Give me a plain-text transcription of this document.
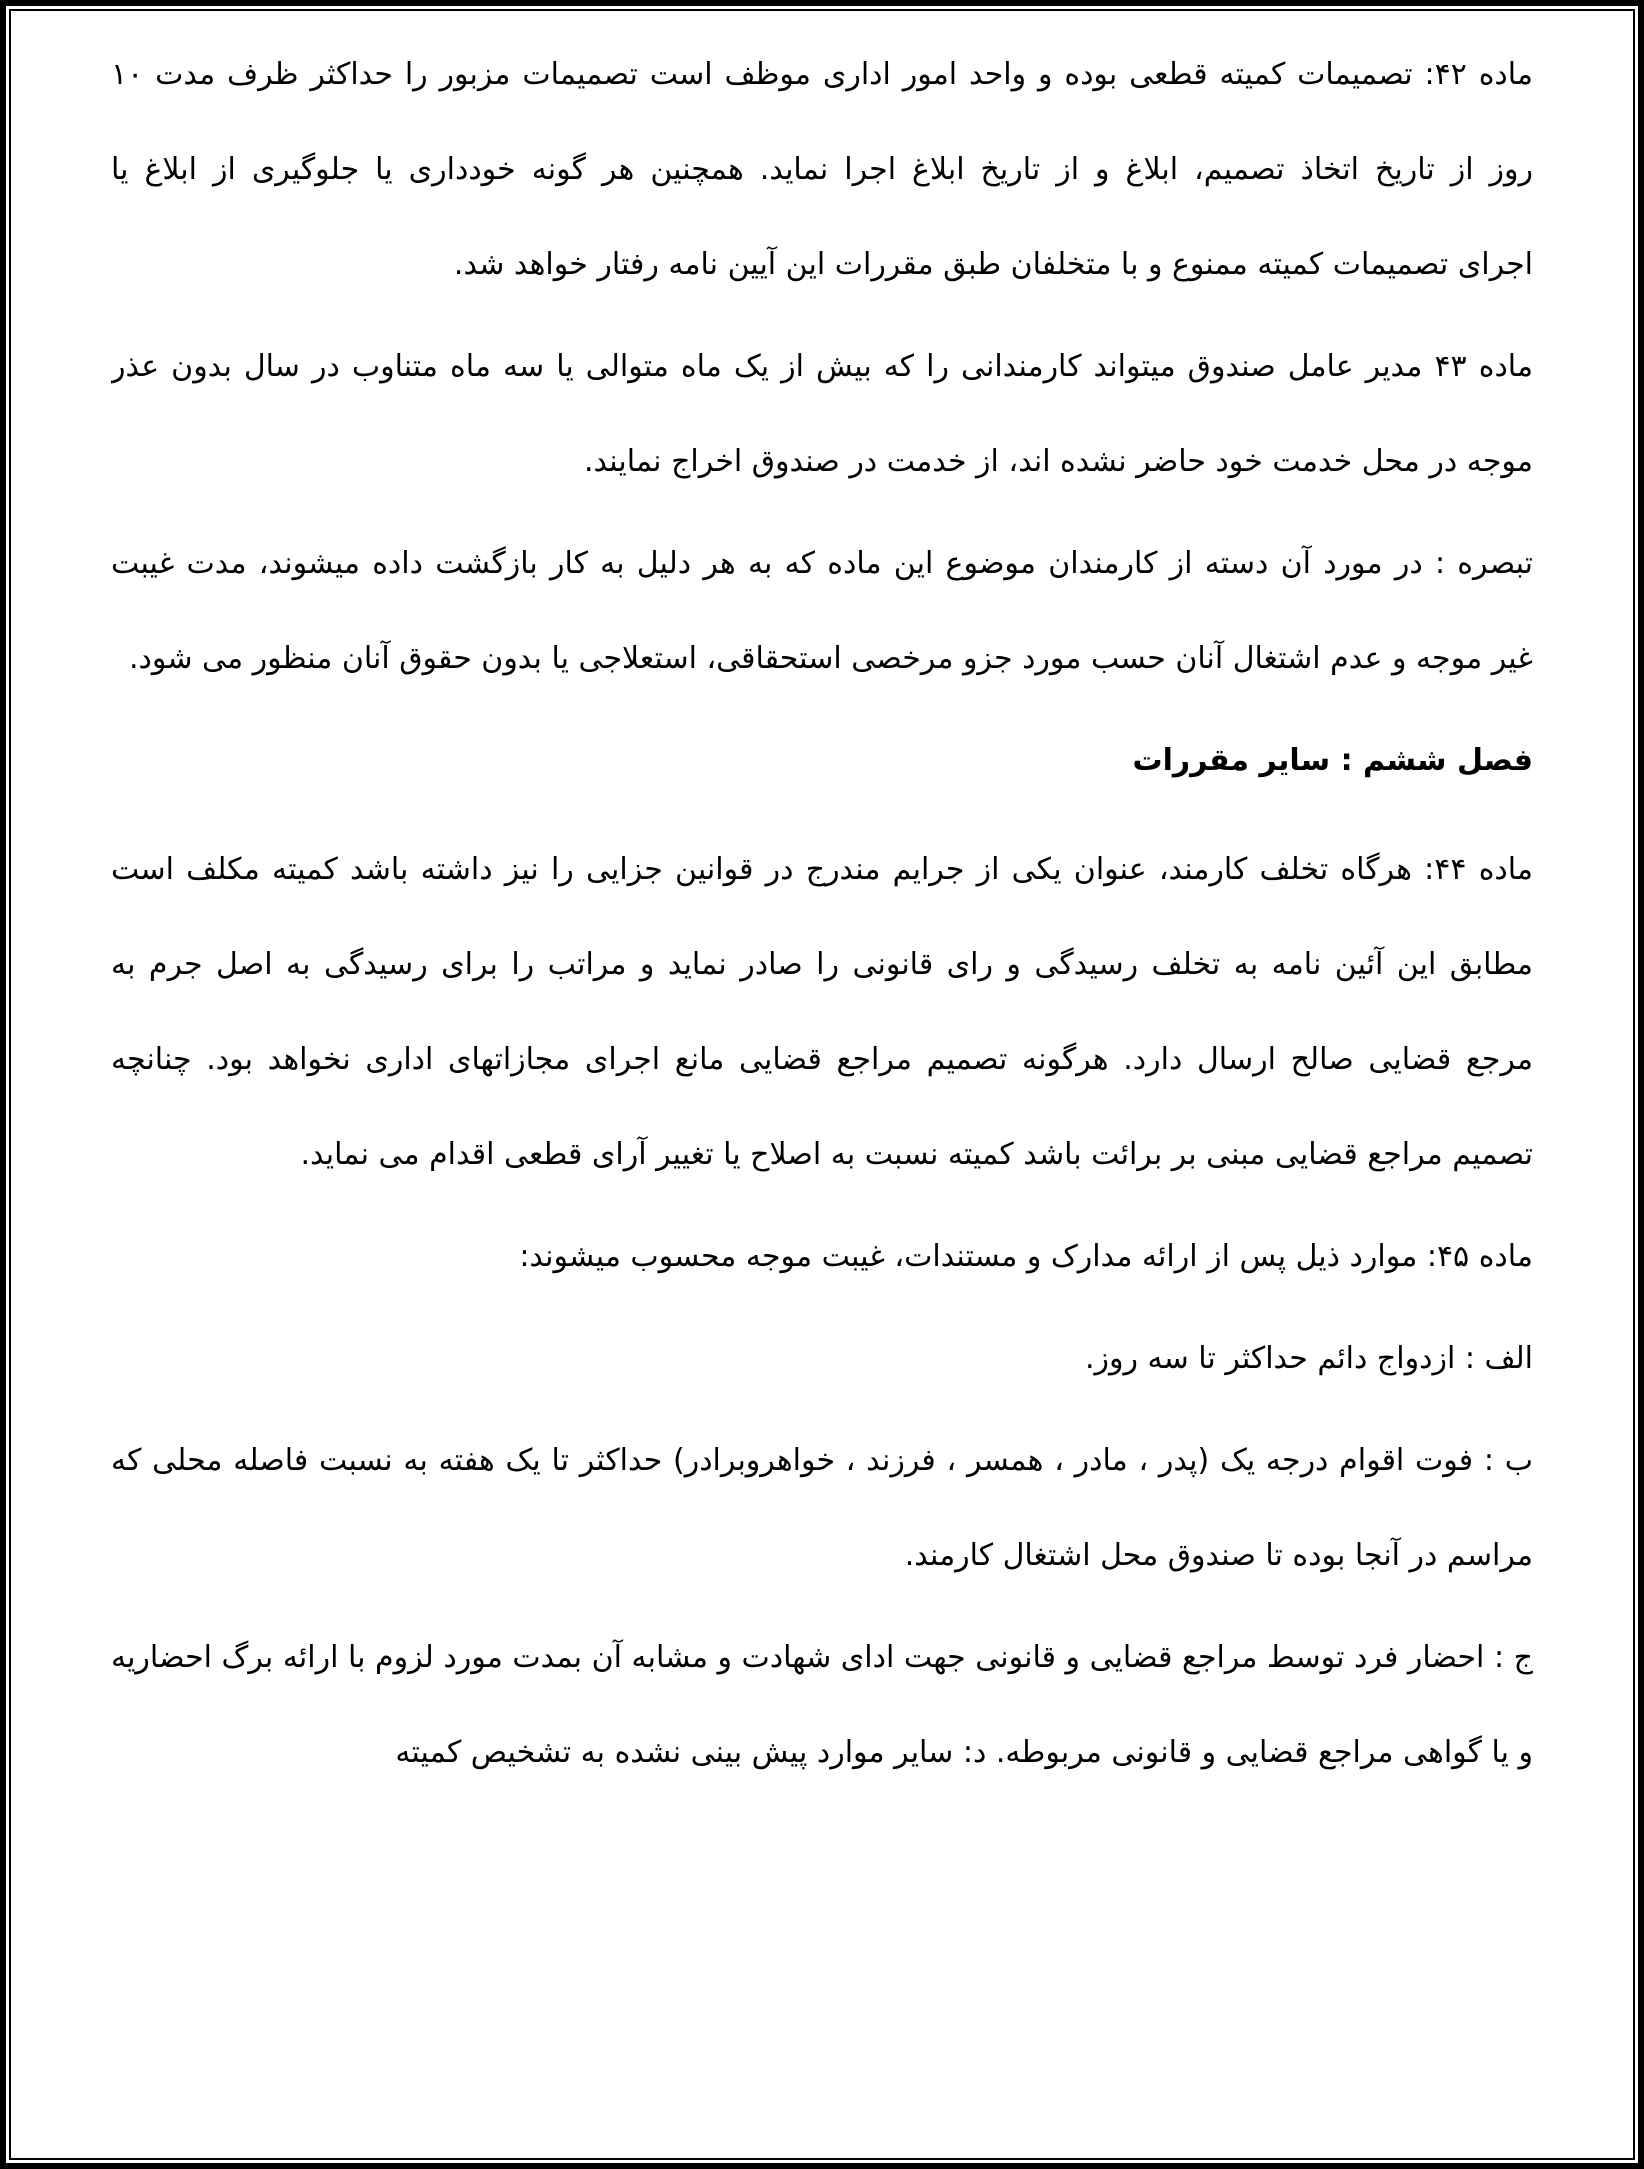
ماده ۴۲: تصمیمات کمیته قطعی بوده و واحد امور اداری موظف است تصمیمات مزبور را حداکثر ظرف مدت ۱۰
روز از تاریخ اتخاذ تصمیم، ابلاغ و از تاریخ ابلاغ اجرا نماید. همچنین هر گونه خودداری یا جلوگیری از ابلاغ یا
اجرای تصمیمات کمیته ممنوع و با متخلفان طبق مقررات این آیین نامه رفتار خواهد شد.
ماده ۴۳ مدیر عامل صندوق میتواند کارمندانی را که بیش از یک ماه متوالی یا سه ماه متناوب در سال بدون عذر
موجه در محل خدمت خود حاضر نشده اند، از خدمت در صندوق اخراج نمایند.
تبصره : در مورد آن دسته از کارمندان موضوع این ماده که به هر دلیل به کار بازگشت داده میشوند، مدت غیبت
غیر موجه و عدم اشتغال آنان حسب مورد جزو مرخصی استحقاقی، استعلاجی یا بدون حقوق آنان منظور می شود.
فصل ششم : سایر مقررات
ماده ۴۴: هرگاه تخلف کارمند، عنوان یکی از جرایم مندرج در قوانین جزایی را نیز داشته باشد کمیته مکلف است
مطابق این آئین نامه به تخلف رسیدگی و رای قانونی را صادر نماید و مراتب را برای رسیدگی به اصل جرم به
مرجع قضایی صالح ارسال دارد. هرگونه تصمیم مراجع قضایی مانع اجرای مجازاتهای اداری نخواهد بود. چنانچه
تصمیم مراجع قضایی مبنی بر برائت باشد کمیته نسبت به اصلاح یا تغییر آرای قطعی اقدام می نماید.
ماده ۴۵: موارد ذیل پس از ارائه مدارک و مستندات، غیبت موجه محسوب میشوند:
الف : ازدواج دائم حداکثر تا سه روز.
ب : فوت اقوام درجه یک (پدر ، مادر ، همسر ، فرزند ، خواهروبرادر) حداکثر تا یک هفته به نسبت فاصله محلی که
مراسم در آنجا بوده تا صندوق محل اشتغال کارمند.
ج : احضار فرد توسط مراجع قضایی و قانونی جهت ادای شهادت و مشابه آن بمدت مورد لزوم با ارائه برگ احضاریه
و یا گواهی مراجع قضایی و قانونی مربوطه. د: سایر موارد پیش بینی نشده به تشخیص کمیته
